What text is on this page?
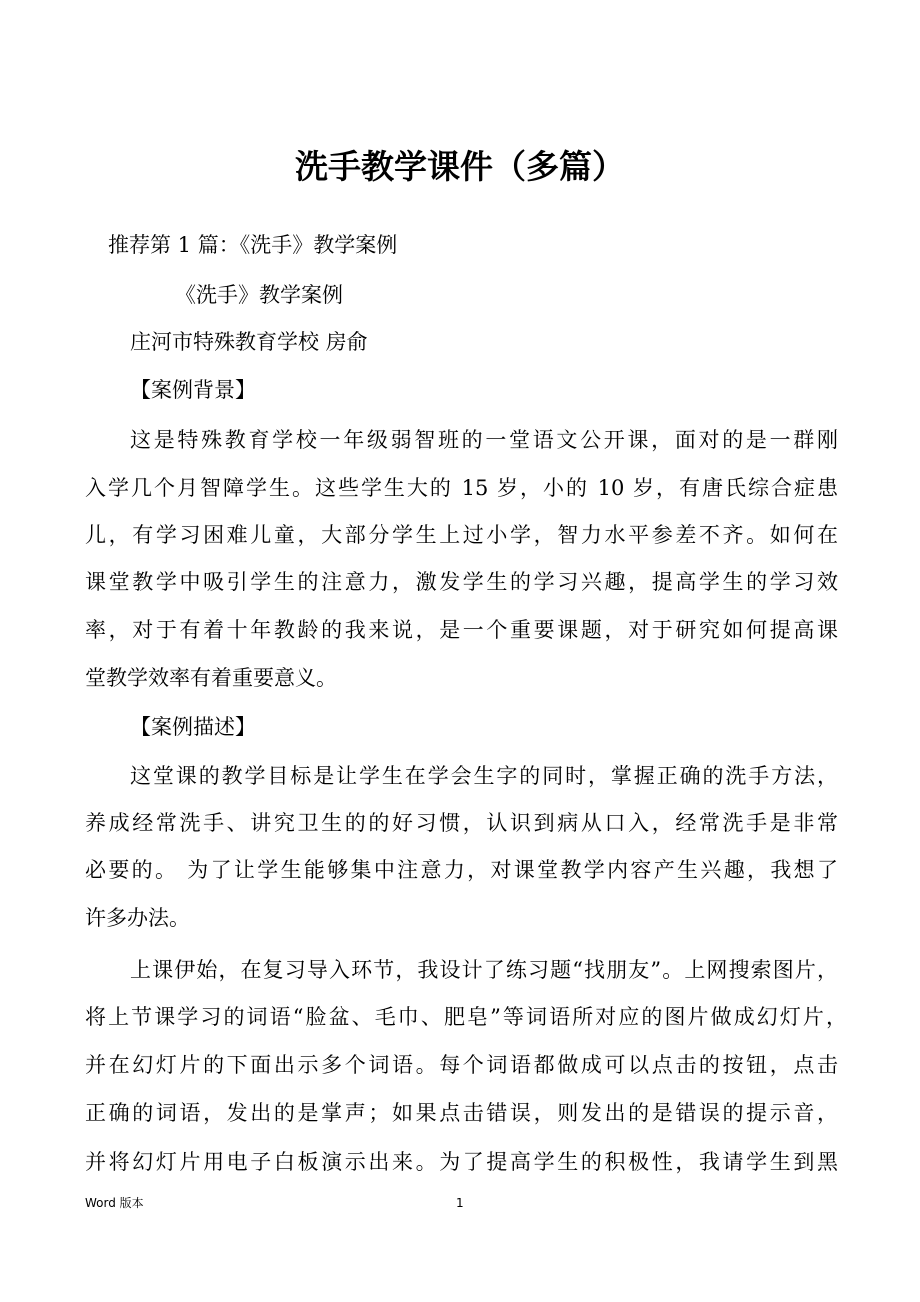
洗手教学课件（多篇）
推荐第 1 篇：《洗手》教学案例
《洗手》教学案例
庄河市特殊教育学校 房俞
【案例背景】
这是特殊教育学校一年级弱智班的一堂语文公开课，面对的是一群刚
入学几个月智障学生。这些学生大的 15 岁，小的 10 岁，有唐氏综合症患
儿，有学习困难儿童，大部分学生上过小学，智力水平参差不齐。如何在
课堂教学中吸引学生的注意力，激发学生的学习兴趣，提高学生的学习效
率，对于有着十年教龄的我来说，是一个重要课题，对于研究如何提高课
堂教学效率有着重要意义。
【案例描述】
这堂课的教学目标是让学生在学会生字的同时，掌握正确的洗手方法，
养成经常洗手、讲究卫生的的好习惯，认识到病从口入，经常洗手是非常
必要的。 为了让学生能够集中注意力，对课堂教学内容产生兴趣，我想了
许多办法。
上课伊始，在复习导入环节，我设计了练习题“找朋友”。上网搜索图片，
将上节课学习的词语“脸盆、毛巾、肥皂”等词语所对应的图片做成幻灯片，
并在幻灯片的下面出示多个词语。每个词语都做成可以点击的按钮，点击
正确的词语，发出的是掌声；如果点击错误，则发出的是错误的提示音，
并将幻灯片用电子白板演示出来。为了提高学生的积极性，我请学生到黑
Word 版本	1
